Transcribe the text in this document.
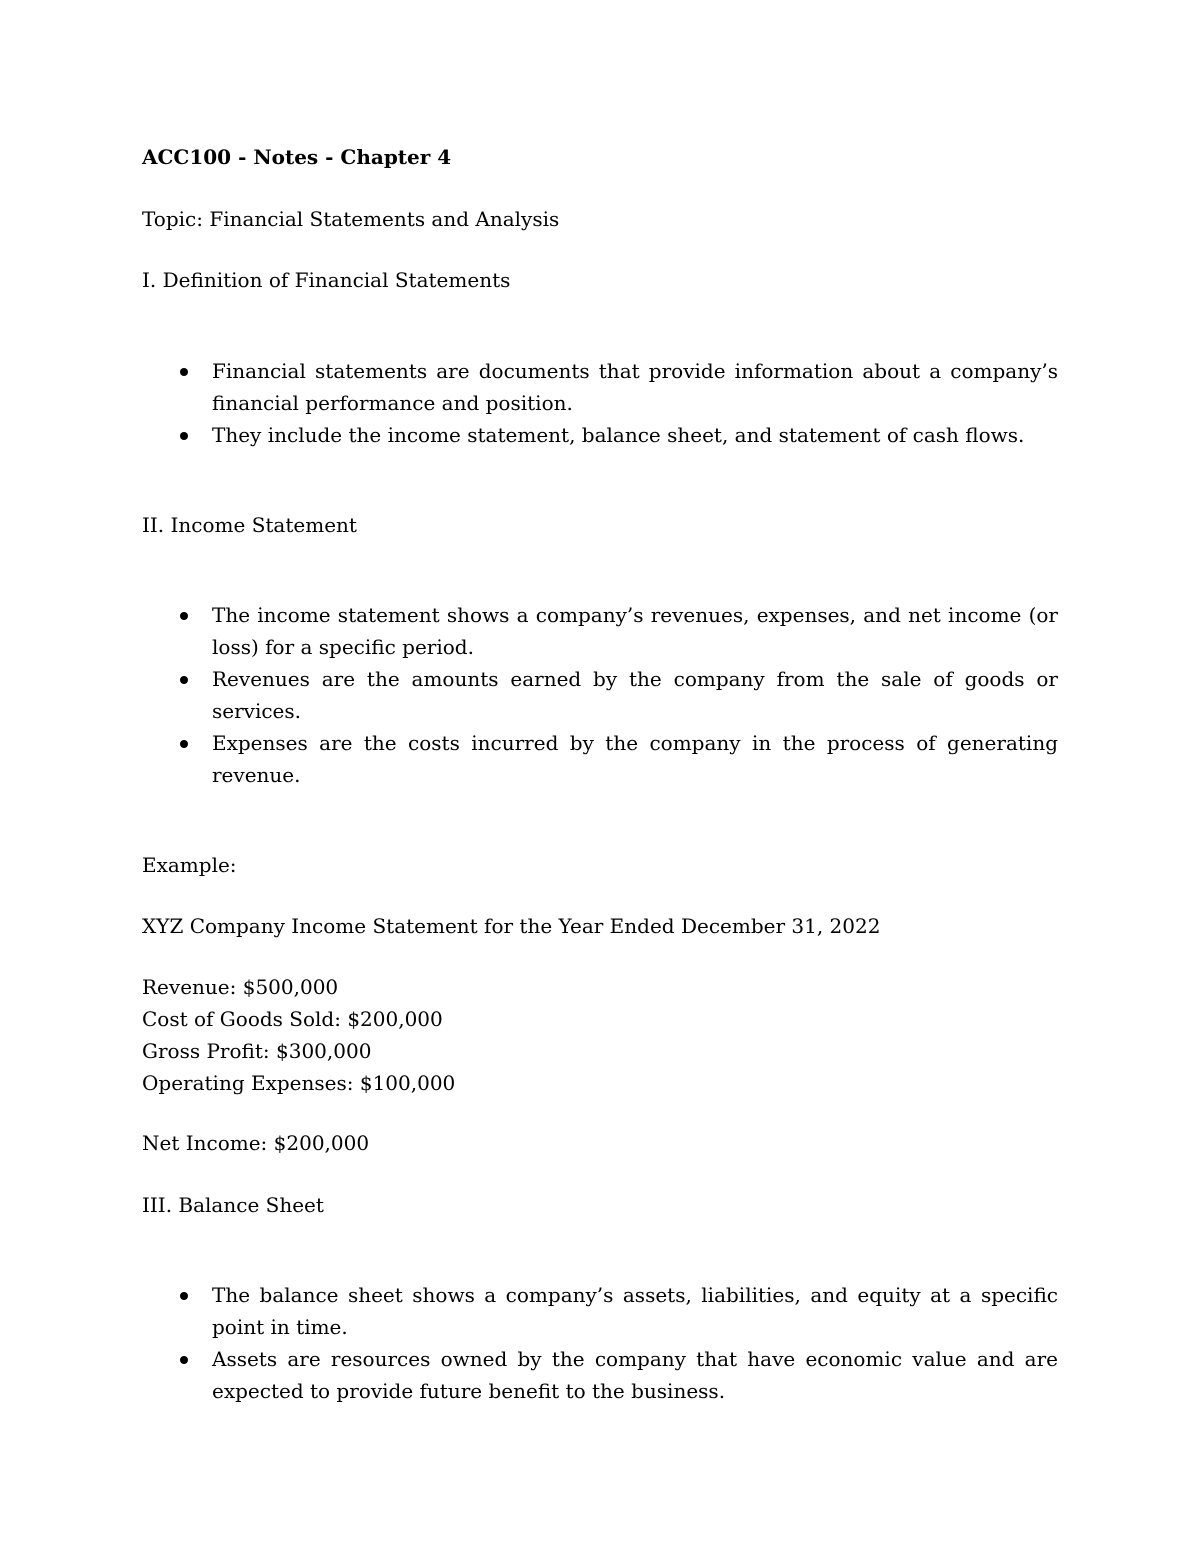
ACC100 - Notes - Chapter 4
Topic: Financial Statements and Analysis
I. Definition of Financial Statements
Financial statements are documents that provide information about a company’s financial performance and position.
They include the income statement, balance sheet, and statement of cash flows.
II. Income Statement
The income statement shows a company’s revenues, expenses, and net income (or loss) for a specific period.
Revenues are the amounts earned by the company from the sale of goods or services.
Expenses are the costs incurred by the company in the process of generating revenue.
Example:
XYZ Company Income Statement for the Year Ended December 31, 2022
Revenue: $500,000
Cost of Goods Sold: $200,000
Gross Profit: $300,000
Operating Expenses: $100,000
Net Income: $200,000
III. Balance Sheet
The balance sheet shows a company’s assets, liabilities, and equity at a specific point in time.
Assets are resources owned by the company that have economic value and are expected to provide future benefit to the business.
